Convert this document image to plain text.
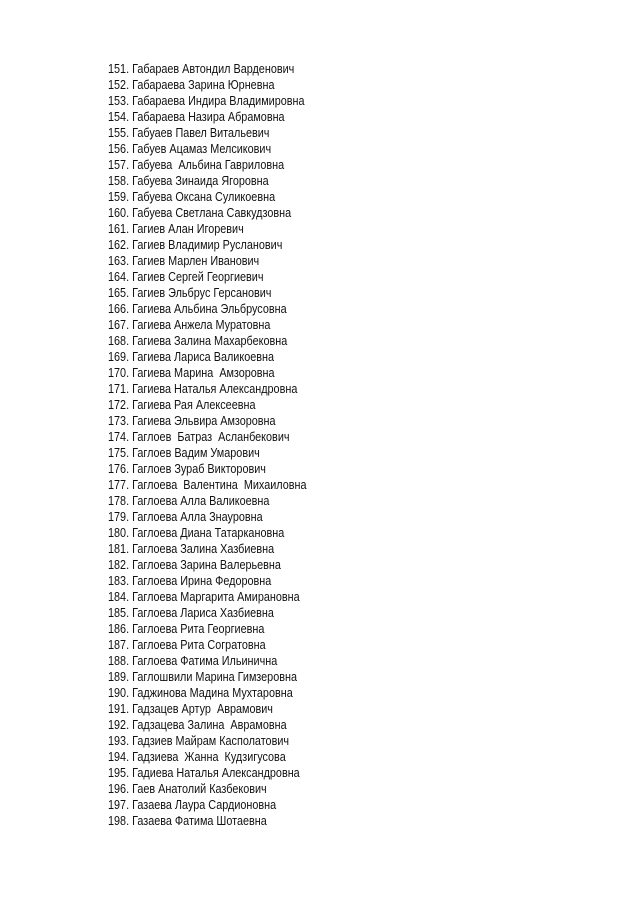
151. Габараев Автондил Варденович
152. Габараева Зарина Юрневна
153. Габараева Индира Владимировна
154. Габараева Назира Абрамовна
155. Габуаев Павел Витальевич
156. Габуев Ацамаз Мелсикович
157. Габуева  Альбина Гавриловна
158. Габуева Зинаида Ягоровна
159. Габуева Оксана Суликоевна
160. Габуева Светлана Савкудзовна
161. Гагиев Алан Игоревич
162. Гагиев Владимир Русланович
163. Гагиев Марлен Иванович
164. Гагиев Сергей Георгиевич
165. Гагиев Эльбрус Герсанович
166. Гагиева Альбина Эльбрусовна
167. Гагиева Анжела Муратовна
168. Гагиева Залина Махарбековна
169. Гагиева Лариса Валикоевна
170. Гагиева Марина  Амзоровна
171. Гагиева Наталья Александровна
172. Гагиева Рая Алексеевна
173. Гагиева Эльвира Амзоровна
174. Гаглоев  Батраз  Асланбекович
175. Гаглоев Вадим Умарович
176. Гаглоев Зураб Викторович
177. Гаглоева  Валентина  Михаиловна
178. Гаглоева Алла Валикоевна
179. Гаглоева Алла Знауровна
180. Гаглоева Диана Татаркановна
181. Гаглоева Залина Хазбиевна
182. Гаглоева Зарина Валерьевна
183. Гаглоева Ирина Федоровна
184. Гаглоева Маргарита Амирановна
185. Гаглоева Лариса Хазбиевна
186. Гаглоева Рита Георгиевна
187. Гаглоева Рита Согратовна
188. Гаглоева Фатима Ильинична
189. Гаглошвили Марина Гимзеровна
190. Гаджинова Мадина Мухтаровна
191. Гадзацев Артур  Аврамович
192. Гадзацева Залина  Аврамовна
193. Гадзиев Майрам Касполатович
194. Гадзиева  Жанна  Кудзигусова
195. Гадиева Наталья Александровна
196. Гаев Анатолий Казбекович
197. Газаева Лаура Сардионовна
198. Газаева Фатима Шотаевна
